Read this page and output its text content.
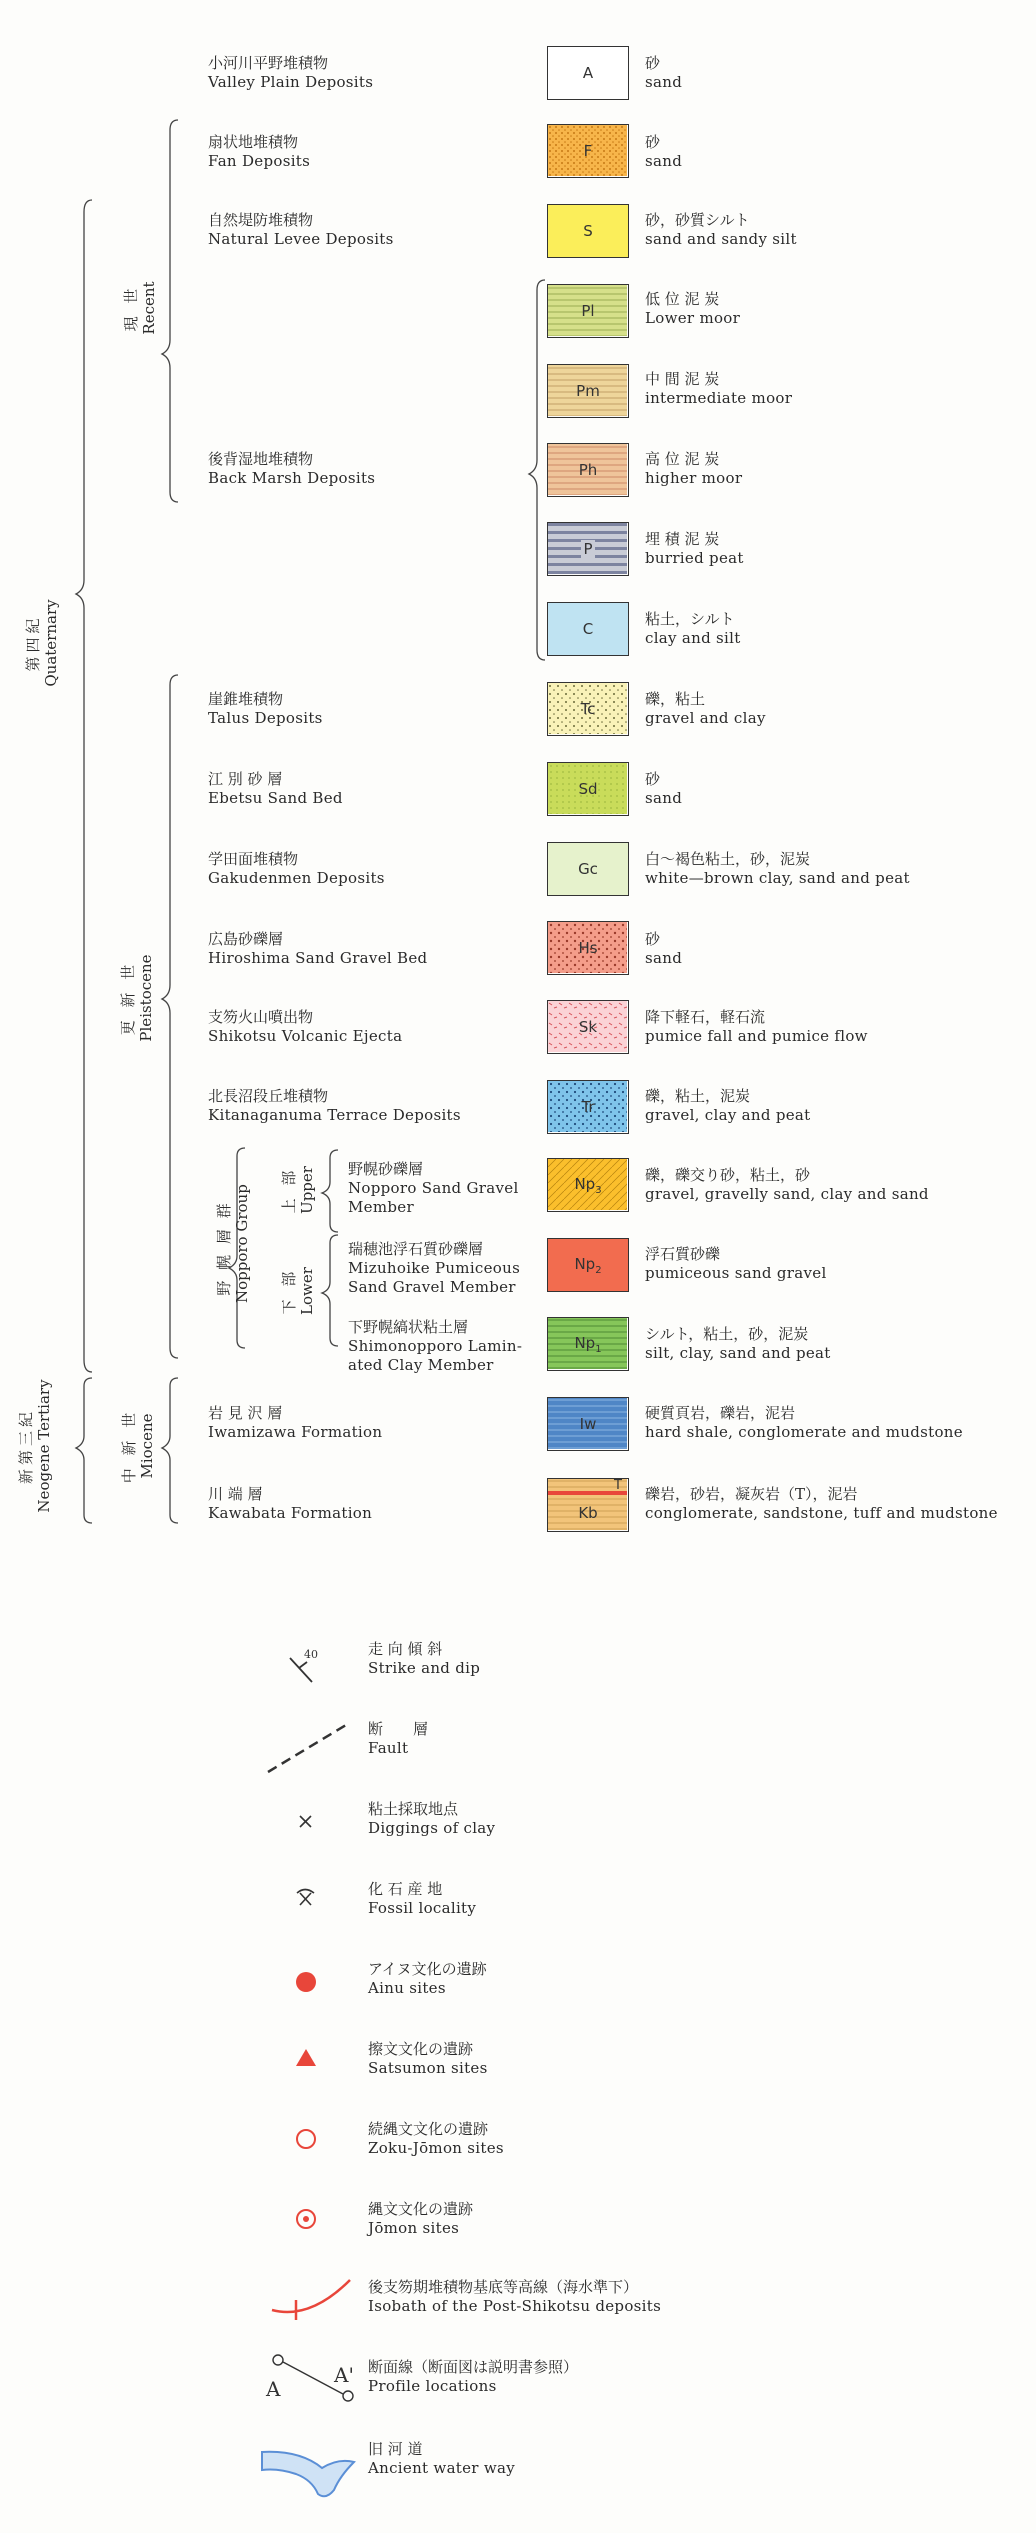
第四紀 Quaternary
現 世 Recent
更 新 世 Pleistocene
野 幌 層 群 Nopporo Group 上 部 Upper
下 部 Lower
新第三紀 Neogene Tertiary	中 新 世 Miocene
小河川平野堆積物
Valley Plain Deposits
扇状地堆積物
Fan Deposits
自然堤防堆積物
Natural Levee Deposits
後背湿地堆積物
Back Marsh Deposits
崖錐堆積物
Talus Deposits
江 別 砂 層
Ebetsu Sand Bed
学田面堆積物
Gakudenmen Deposits
広島砂礫層
Hiroshima Sand Gravel Bed
支笏火山噴出物
Shikotsu Volcanic Ejecta
北長沼段丘堆積物
Kitanaganuma Terrace Deposits
野幌砂礫層
Nopporo Sand Gravel
Member
瑞穂池浮石質砂礫層
Mizuhoike Pumiceous
Sand Gravel Member
下野幌縞状粘土層
Shimonopporo Lamin-
ated Clay Member
岩 見 沢 層
Iwamizawa Formation
川 端 層
Kawabata Formation
A
F
S
Pl
Pm
Ph
P
C
Tc
Sd
Gc
Hs
Sk
Tr
$Np_3$
$Np_2$
$Np_1$
Iw
T
Kb
砂
sand
砂
sand
砂，砂質シルト
sand and sandy silt
低 位 泥 炭
Lower moor
中 間 泥 炭
intermediate moor
高 位 泥 炭
higher moor
埋 積 泥 炭
burried peat
粘土，シルト
clay and silt
礫，粘土
gravel and clay
砂
sand
白～褐色粘土，砂，泥炭
white—brown clay, sand and peat
砂
sand
降下軽石，軽石流
pumice fall and pumice flow
礫，粘土，泥炭
gravel, clay and peat
礫，礫交り砂，粘土，砂
gravel, gravelly sand, clay and sand
浮石質砂礫
pumiceous sand gravel
シルト，粘土，砂，泥炭
silt, clay, sand and peat
硬質頁岩，礫岩，泥岩
hard shale, conglomerate and mudstone
礫岩，砂岩，凝灰岩（T），泥岩
conglomerate, sandstone, tuff and mudstone
40
A
A'
走 向 傾 斜
Strike and dip
断　　層
Fault
粘土採取地点
Diggings of clay
化 石 産 地
Fossil locality
アイヌ文化の遺跡
Ainu sites
擦文文化の遺跡
Satsumon sites
続縄文文化の遺跡
Zoku-Jōmon sites
縄文文化の遺跡
Jōmon sites
後支笏期堆積物基底等高線（海水準下）
Isobath of the Post-Shikotsu deposits
断面線（断面図は説明書参照）
Profile locations
旧 河 道
Ancient water way
